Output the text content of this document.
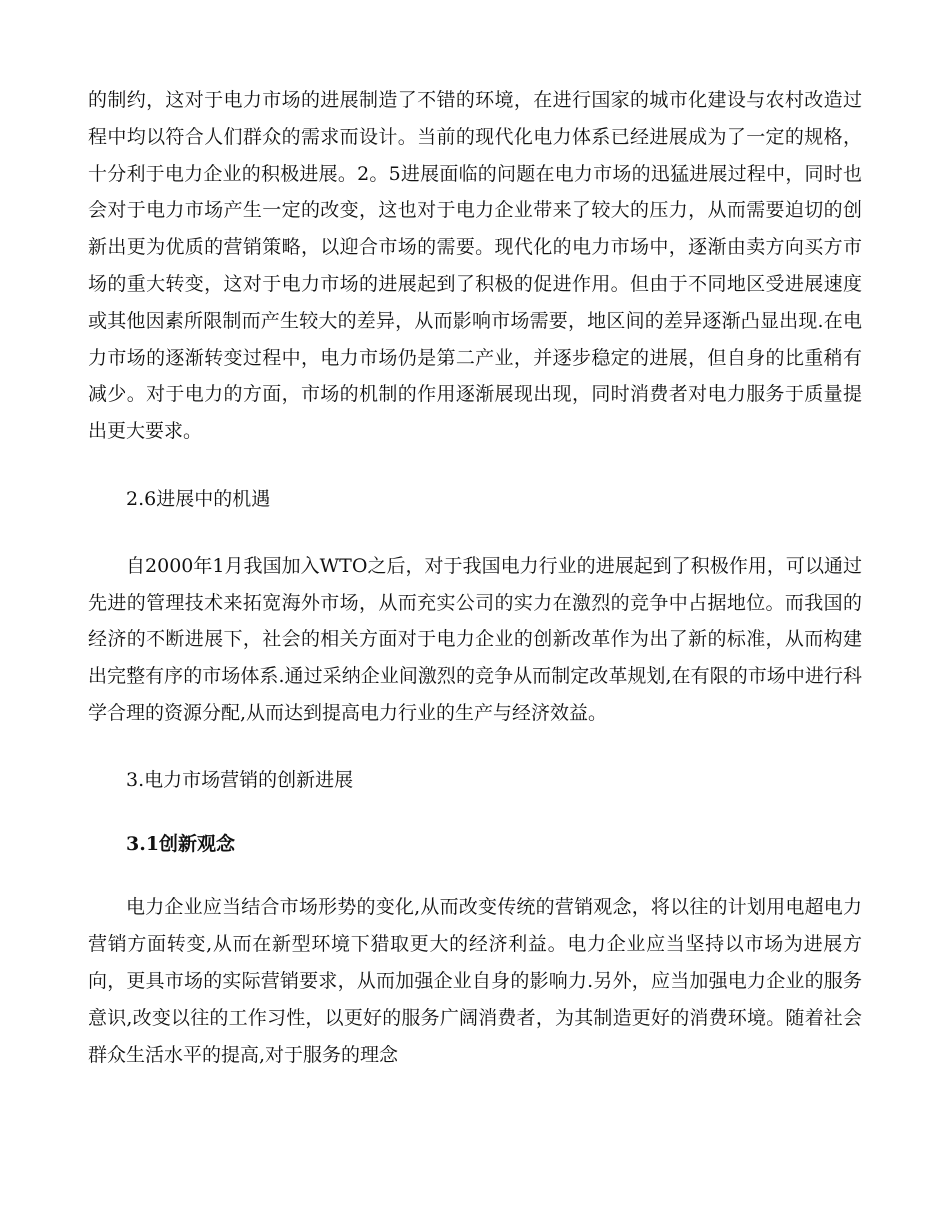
的制约，这对于电力市场的进展制造了不错的环境，在进行国家的城市化建设与农村改造过程中均以符合人们群众的需求而设计。当前的现代化电力体系已经进展成为了一定的规格，十分利于电力企业的积极进展。2。5进展面临的问题在电力市场的迅猛进展过程中，同时也会对于电力市场产生一定的改变，这也对于电力企业带来了较大的压力，从而需要迫切的创新出更为优质的营销策略，以迎合市场的需要。现代化的电力市场中，逐渐由卖方向买方市场的重大转变，这对于电力市场的进展起到了积极的促进作用。但由于不同地区受进展速度或其他因素所限制而产生较大的差异，从而影响市场需要，地区间的差异逐渐凸显出现.在电力市场的逐渐转变过程中，电力市场仍是第二产业，并逐步稳定的进展，但自身的比重稍有减少。对于电力的方面，市场的机制的作用逐渐展现出现，同时消费者对电力服务于质量提出更大要求。

2.6进展中的机遇

自2000年1月我国加入WTO之后，对于我国电力行业的进展起到了积极作用，可以通过先进的管理技术来拓宽海外市场，从而充实公司的实力在激烈的竞争中占据地位。而我国的经济的不断进展下，社会的相关方面对于电力企业的创新改革作为出了新的标准，从而构建出完整有序的市场体系.通过采纳企业间激烈的竞争从而制定改革规划,在有限的市场中进行科学合理的资源分配,从而达到提高电力行业的生产与经济效益。

3.电力市场营销的创新进展

3.1创新观念

电力企业应当结合市场形势的变化,从而改变传统的营销观念，将以往的计划用电超电力营销方面转变,从而在新型环境下猎取更大的经济利益。电力企业应当坚持以市场为进展方向，更具市场的实际营销要求，从而加强企业自身的影响力.另外，应当加强电力企业的服务意识,改变以往的工作习性，以更好的服务广阔消费者，为其制造更好的消费环境。随着社会群众生活水平的提高,对于服务的理念
